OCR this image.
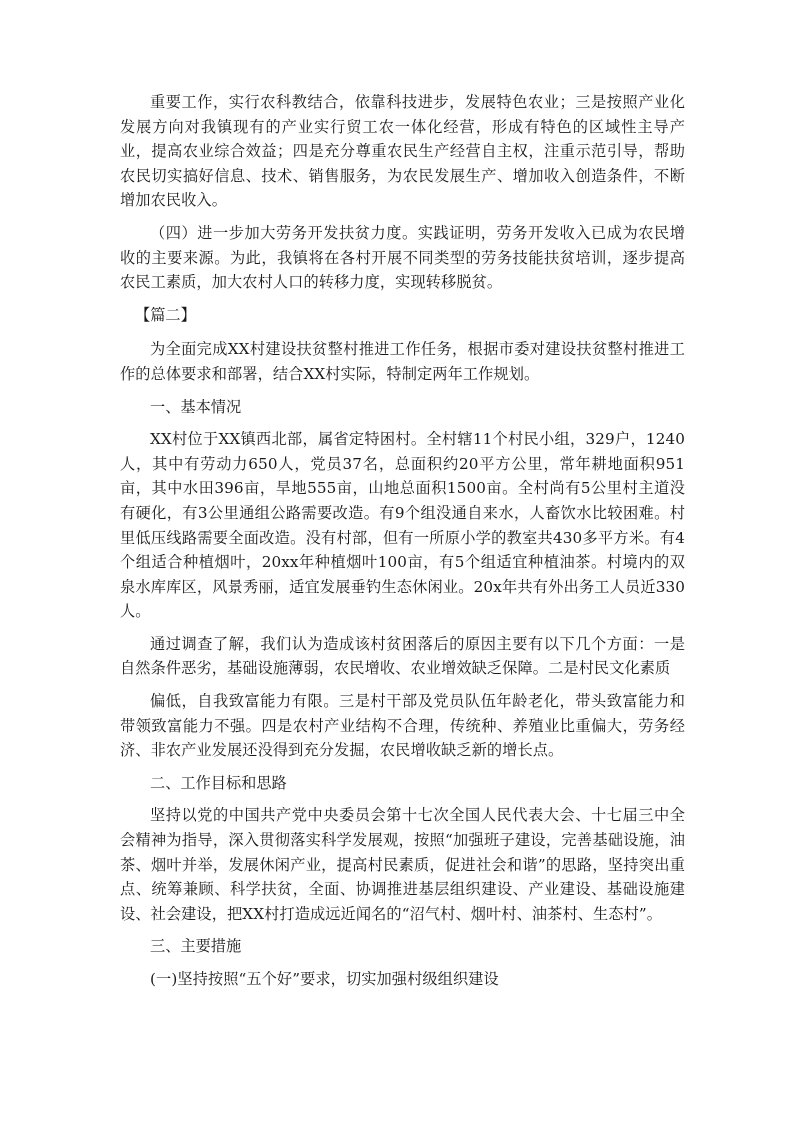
重要工作，实行农科教结合，依靠科技进步，发展特色农业；三是按照产业化发展方向对我镇现有的产业实行贸工农一体化经营，形成有特色的区域性主导产业，提高农业综合效益；四是充分尊重农民生产经营自主权，注重示范引导，帮助农民切实搞好信息、技术、销售服务，为农民发展生产、增加收入创造条件，不断增加农民收入。

（四）进一步加大劳务开发扶贫力度。实践证明，劳务开发收入已成为农民增收的主要来源。为此，我镇将在各村开展不同类型的劳务技能扶贫培训，逐步提高农民工素质，加大农村人口的转移力度，实现转移脱贫。

【篇二】

为全面完成XX村建设扶贫整村推进工作任务，根据市委对建设扶贫整村推进工作的总体要求和部署，结合XX村实际，特制定两年工作规划。

一、基本情况

XX村位于XX镇西北部，属省定特困村。全村辖11个村民小组，329户，1240人，其中有劳动力650人，党员37名，总面积约20平方公里，常年耕地面积951亩，其中水田396亩，旱地555亩，山地总面积1500亩。全村尚有5公里村主道没有硬化，有3公里通组公路需要改造。有9个组没通自来水，人畜饮水比较困难。村里低压线路需要全面改造。没有村部，但有一所原小学的教室共430多平方米。有4个组适合种植烟叶，20xx年种植烟叶100亩，有5个组适宜种植油茶。村境内的双泉水库库区，风景秀丽，适宜发展垂钓生态休闲业。20x年共有外出务工人员近330人。

通过调查了解，我们认为造成该村贫困落后的原因主要有以下几个方面：一是自然条件恶劣，基础设施薄弱，农民增收、农业增效缺乏保障。二是村民文化素质

偏低，自我致富能力有限。三是村干部及党员队伍年龄老化，带头致富能力和带领致富能力不强。四是农村产业结构不合理，传统种、养殖业比重偏大，劳务经济、非农产业发展还没得到充分发掘，农民增收缺乏新的增长点。

二、工作目标和思路

坚持以党的中国共产党中央委员会第十七次全国人民代表大会、十七届三中全会精神为指导，深入贯彻落实科学发展观，按照“加强班子建设，完善基础设施，油茶、烟叶并举，发展休闲产业，提高村民素质，促进社会和谐”的思路，坚持突出重点、统筹兼顾、科学扶贫，全面、协调推进基层组织建设、产业建设、基础设施建设、社会建设，把XX村打造成远近闻名的“沼气村、烟叶村、油茶村、生态村”。

三、主要措施

(一)坚持按照“五个好”要求，切实加强村级组织建设
